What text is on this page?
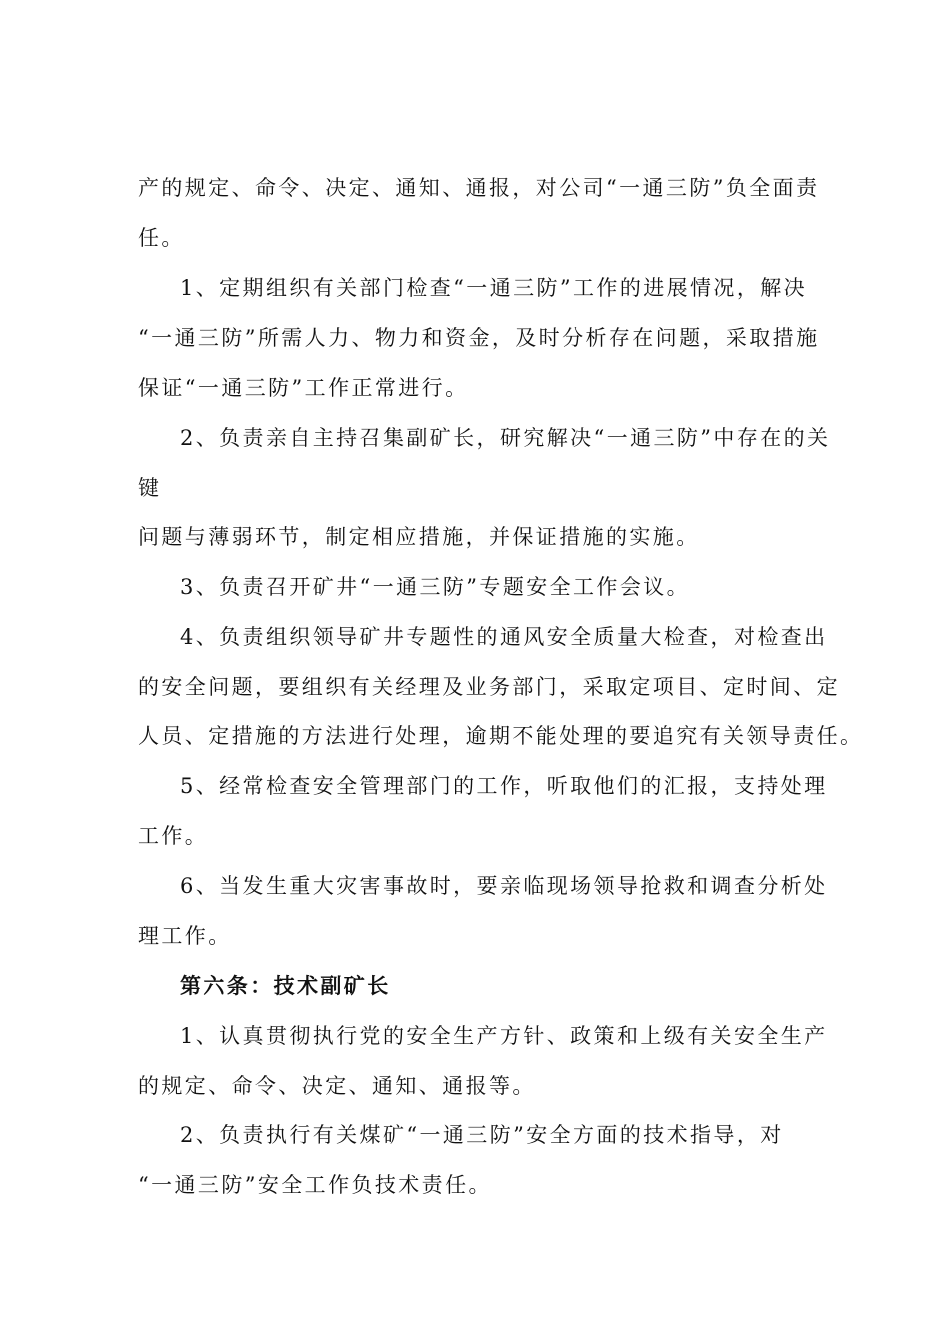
产的规定、命令、决定、通知、通报，对公司“一通三防”负全面责
任。
1、定期组织有关部门检查“一通三防”工作的进展情况，解决
“一通三防”所需人力、物力和资金，及时分析存在问题，采取措施
保证“一通三防”工作正常进行。
2、负责亲自主持召集副矿长，研究解决“一通三防”中存在的关
键
问题与薄弱环节，制定相应措施，并保证措施的实施。
3、负责召开矿井“一通三防”专题安全工作会议。
4、负责组织领导矿井专题性的通风安全质量大检查，对检查出
的安全问题，要组织有关经理及业务部门，采取定项目、定时间、定
人员、定措施的方法进行处理，逾期不能处理的要追究有关领导责任。
5、经常检查安全管理部门的工作，听取他们的汇报，支持处理
工作。
6、当发生重大灾害事故时，要亲临现场领导抢救和调查分析处
理工作。
第六条：技术副矿长
1、认真贯彻执行党的安全生产方针、政策和上级有关安全生产
的规定、命令、决定、通知、通报等。
2、负责执行有关煤矿“一通三防”安全方面的技术指导，对
“一通三防”安全工作负技术责任。
